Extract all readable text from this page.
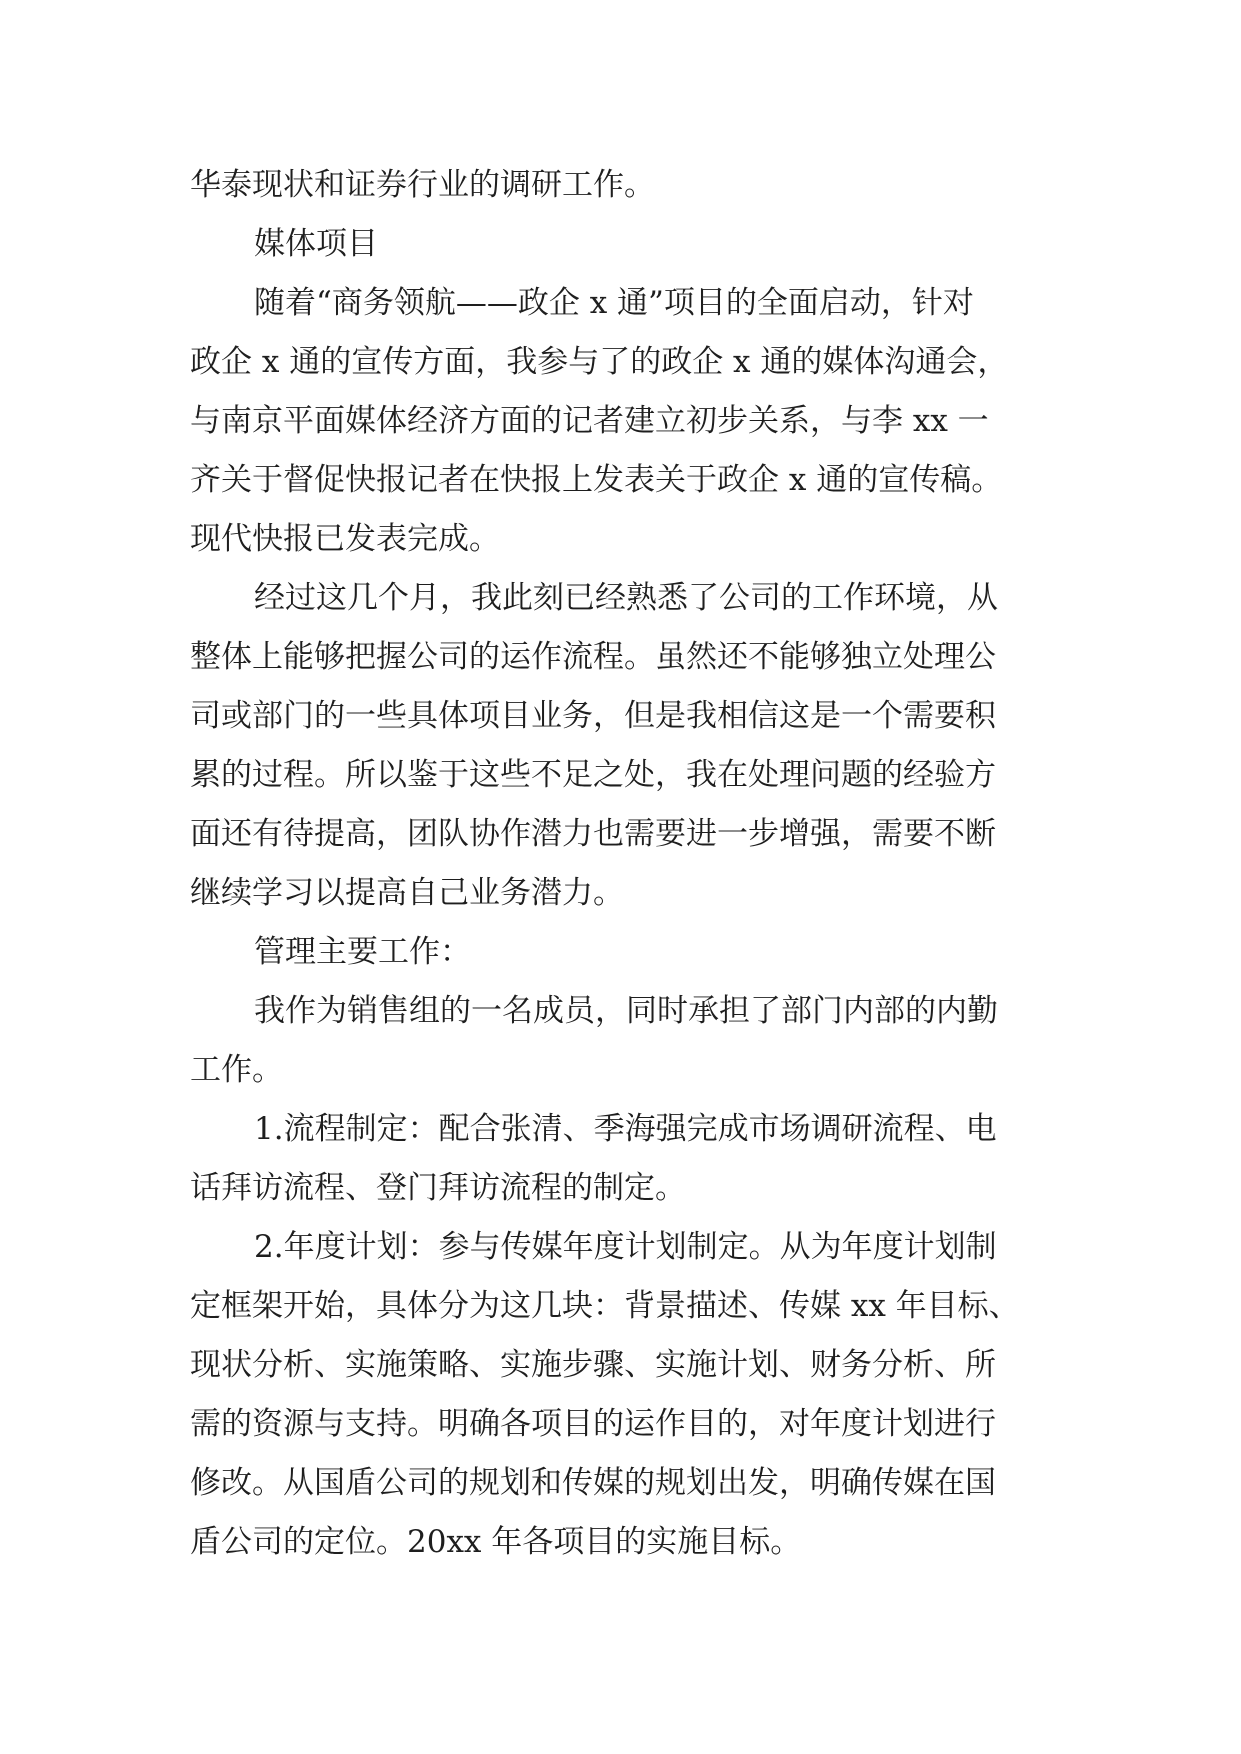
华泰现状和证券行业的调研工作。

媒体项目

随着“商务领航——政企 x 通”项目的全面启动，针对

政企 x 通的宣传方面，我参与了的政企 x 通的媒体沟通会，

与南京平面媒体经济方面的记者建立初步关系，与李 xx 一

齐关于督促快报记者在快报上发表关于政企 x 通的宣传稿。

现代快报已发表完成。

经过这几个月，我此刻已经熟悉了公司的工作环境，从

整体上能够把握公司的运作流程。虽然还不能够独立处理公

司或部门的一些具体项目业务，但是我相信这是一个需要积

累的过程。所以鉴于这些不足之处，我在处理问题的经验方

面还有待提高，团队协作潜力也需要进一步增强，需要不断

继续学习以提高自己业务潜力。

管理主要工作：

我作为销售组的一名成员，同时承担了部门内部的内勤

工作。

1.流程制定：配合张清、季海强完成市场调研流程、电

话拜访流程、登门拜访流程的制定。

2.年度计划：参与传媒年度计划制定。从为年度计划制

定框架开始，具体分为这几块：背景描述、传媒 xx 年目标、

现状分析、实施策略、实施步骤、实施计划、财务分析、所

需的资源与支持。明确各项目的运作目的，对年度计划进行

修改。从国盾公司的规划和传媒的规划出发，明确传媒在国

盾公司的定位。20xx 年各项目的实施目标。
